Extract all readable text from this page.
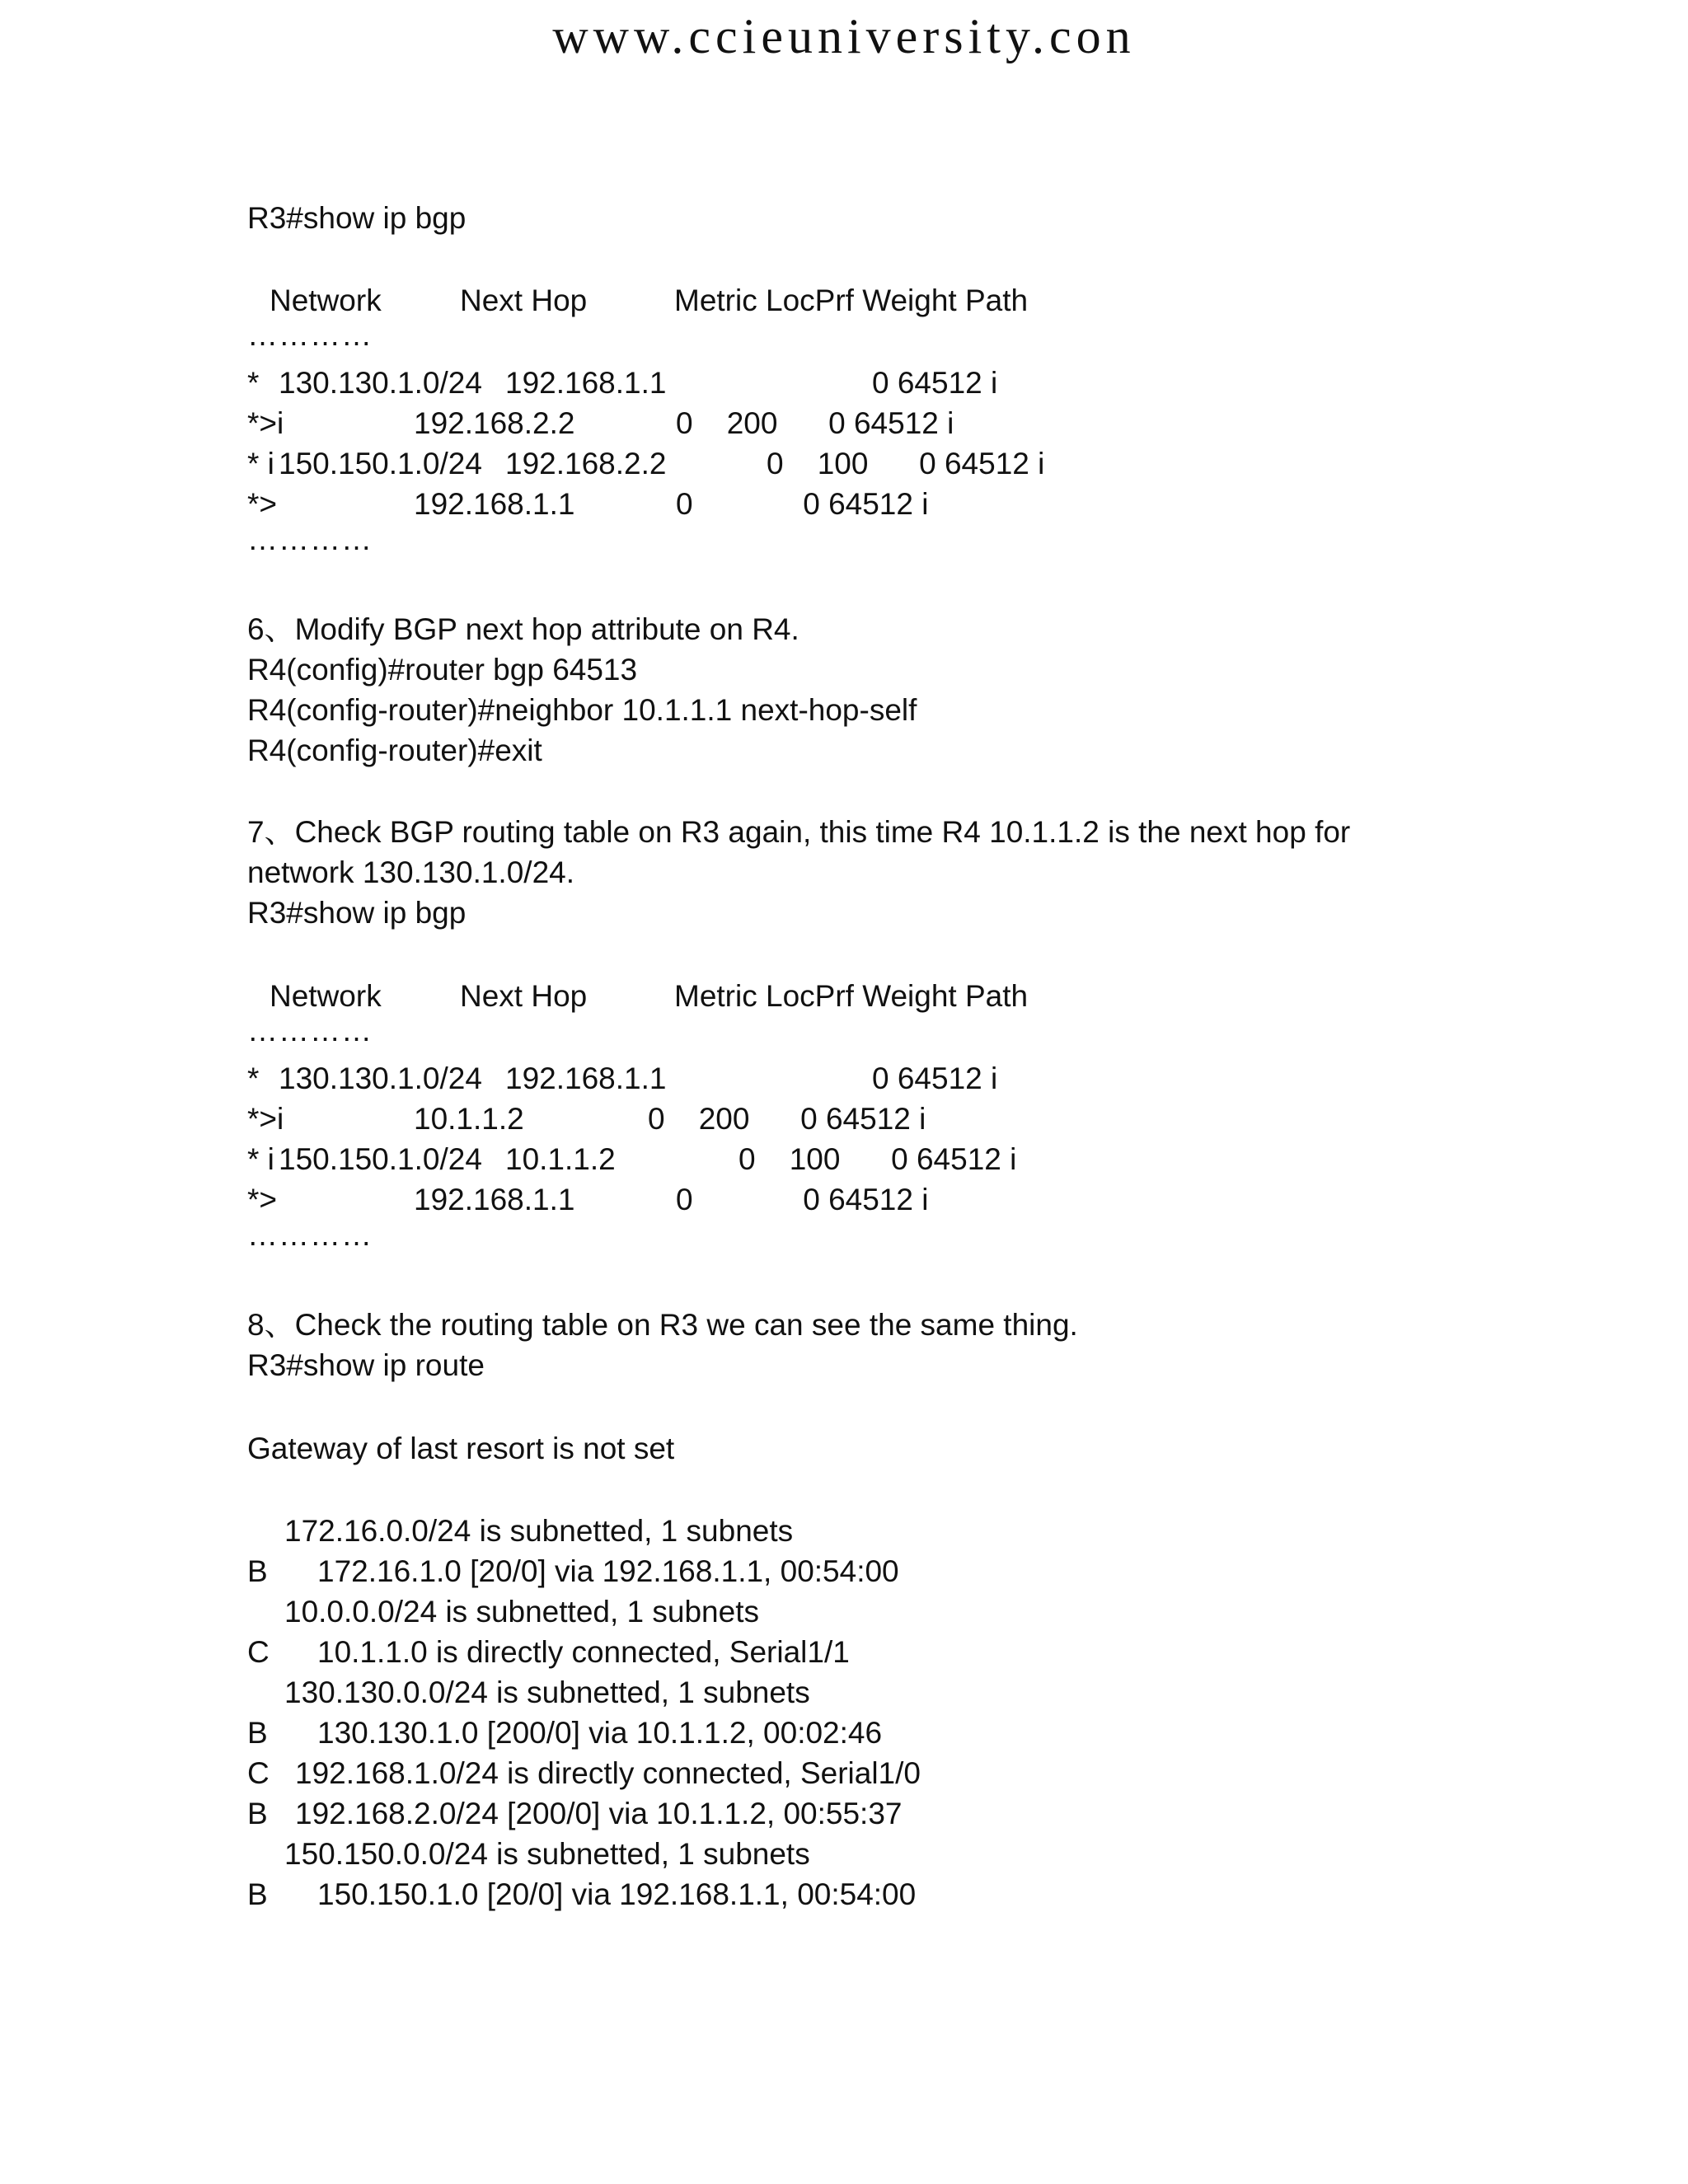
www.ccieuniversity.con
R3#show ip bgp
Network	Next Hop	Metric LocPrf Weight Path
…………
* 130.130.1.0/24 192.168.1.1	0 64512 i
*>i	192.168.2.2	0    200      0 64512 i
* i 150.150.1.0/24 192.168.2.2	0    100      0 64512 i
*>	192.168.1.1	0             0 64512 i
…………
6、Modify BGP next hop attribute on R4.
R4(config)#router bgp 64513
R4(config-router)#neighbor 10.1.1.1 next-hop-self
R4(config-router)#exit
7、Check BGP routing table on R3 again, this time R4 10.1.1.2 is the next hop for
network 130.130.1.0/24.
R3#show ip bgp
Network	Next Hop	Metric LocPrf Weight Path
…………
* 130.130.1.0/24 192.168.1.1	0 64512 i
*>i	10.1.1.2	0    200      0 64512 i
* i 150.150.1.0/24 10.1.1.2	0    100      0 64512 i
*>	192.168.1.1	0             0 64512 i
…………
8、Check the routing table on R3 we can see the same thing.
R3#show ip route
Gateway of last resort is not set
172.16.0.0/24 is subnetted, 1 subnets
B 172.16.1.0 [20/0] via 192.168.1.1, 00:54:00
10.0.0.0/24 is subnetted, 1 subnets
C 10.1.1.0 is directly connected, Serial1/1
130.130.0.0/24 is subnetted, 1 subnets
B 130.130.1.0 [200/0] via 10.1.1.2, 00:02:46
C 192.168.1.0/24 is directly connected, Serial1/0
B 192.168.2.0/24 [200/0] via 10.1.1.2, 00:55:37
150.150.0.0/24 is subnetted, 1 subnets
B 150.150.1.0 [20/0] via 192.168.1.1, 00:54:00
